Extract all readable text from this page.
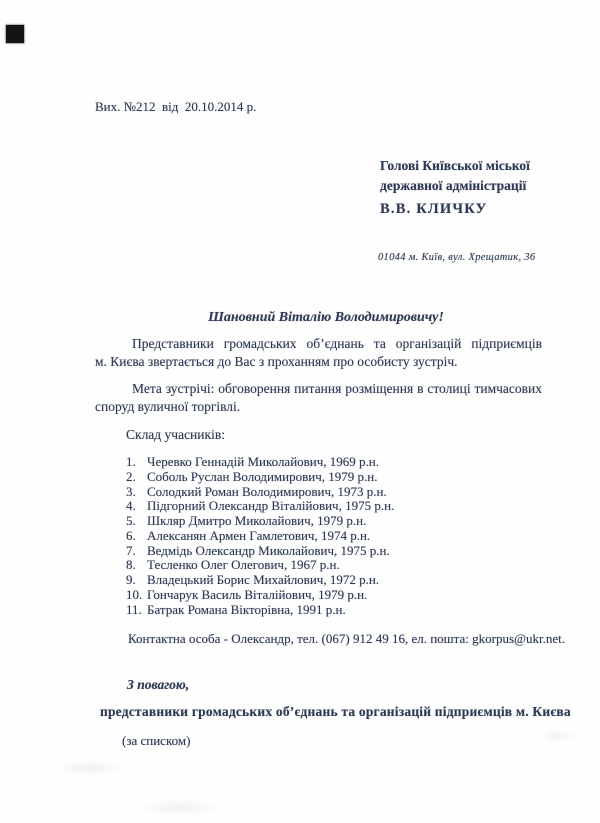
Вих. №212  від  20.10.2014 р.
Голові Київської міської
державної адміністрації
В.В. КЛИЧКУ
01044 м. Київ, вул. Хрещатик, 36
Шановний Віталію Володимировичу!
Представники громадських об’єднань та організацій підприємців
м. Києва звертається до Вас з проханням про особисту зустріч.
Мета зустрічі: обговорення питання розміщення в столиці тимчасових
споруд вуличної торгівлі.
Склад учасників:
1. Черевко Геннадій Миколайович, 1969 р.н.
2. Соболь Руслан Володимирович, 1979 р.н.
3. Солодкий Роман Володимирович, 1973 р.н.
4. Підгорний Олександр Віталійович, 1975 р.н.
5. Шкляр Дмитро Миколайович, 1979 р.н.
6. Алексанян Армен Гамлетович, 1974 р.н.
7. Ведмідь Олександр Миколайович, 1975 р.н.
8. Тесленко Олег Олегович, 1967 р.н.
9. Владецький Борис Михайлович, 1972 р.н.
10. Гончарук Василь Віталійович, 1979 р.н.
11. Батрак Романа Вікторівна, 1991 р.н.
Контактна особа - Олександр, тел. (067) 912 49 16, ел. пошта: gkorpus@ukr.net.
З повагою,
представники громадських об’єднань та організацій підприємців м. Києва
(за списком)
